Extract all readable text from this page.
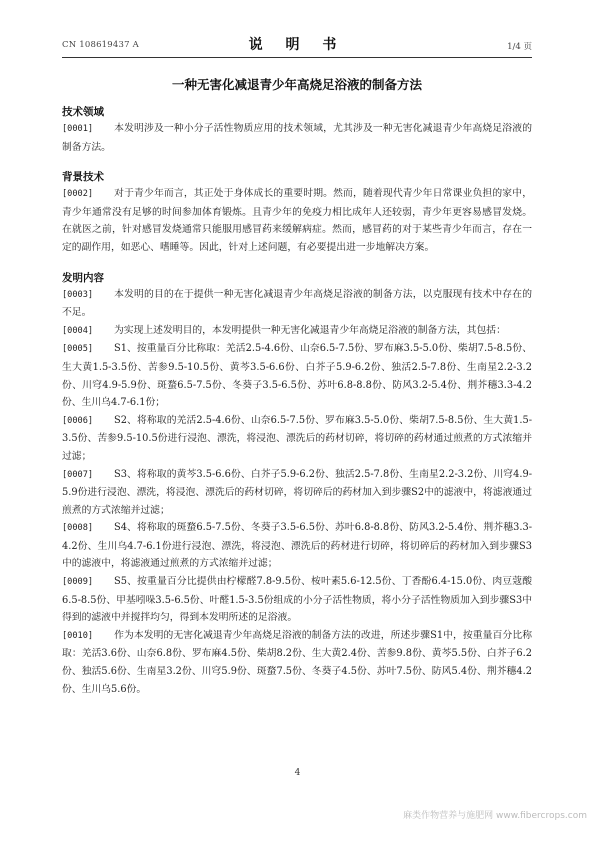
CN 108619437 A	说 明 书	1/4 页
一种无害化减退青少年高烧足浴液的制备方法
技术领域

[0001] 本发明涉及一种小分子活性物质应用的技术领域，尤其涉及一种无害化减退青少年高烧足浴液的制备方法。

背景技术

[0002] 对于青少年而言，其正处于身体成长的重要时期。然而，随着现代青少年日常课业负担的家中，青少年通常没有足够的时间参加体育锻炼。且青少年的免疫力相比成年人还较弱，青少年更容易感冒发烧。在就医之前，针对感冒发烧通常只能服用感冒药来缓解病症。然而，感冒药的对于某些青少年而言，存在一定的副作用，如恶心、嗜睡等。因此，针对上述问题，有必要提出进一步地解决方案。

发明内容

[0003] 本发明的目的在于提供一种无害化减退青少年高烧足浴液的制备方法，以克服现有技术中存在的不足。

[0004] 为实现上述发明目的，本发明提供一种无害化减退青少年高烧足浴液的制备方法，其包括：

[0005] S1、按重量百分比称取：羌活2.5-4.6份、山奈6.5-7.5份、罗布麻3.5-5.0份、柴胡7.5-8.5份、生大黄1.5-3.5份、苦参9.5-10.5份、黄芩3.5-6.6份、白芥子5.9-6.2份、独活2.5-7.8份、生南星2.2-3.2份、川穹4.9-5.9份、斑蝥6.5-7.5份、冬葵子3.5-6.5份、苏叶6.8-8.8份、防风3.2-5.4份、荆芥穗3.3-4.2份、生川乌4.7-6.1份；

[0006] S2、将称取的羌活2.5-4.6份、山奈6.5-7.5份、罗布麻3.5-5.0份、柴胡7.5-8.5份、生大黄1.5-3.5份、苦参9.5-10.5份进行浸泡、漂洗，将浸泡、漂洗后的药材切碎，将切碎的药材通过煎煮的方式浓缩并过滤；

[0007] S3、将称取的黄芩3.5-6.6份、白芥子5.9-6.2份、独活2.5-7.8份、生南星2.2-3.2份、川穹4.9-5.9份进行浸泡、漂洗，将浸泡、漂洗后的药材切碎，将切碎后的药材加入到步骤S2中的滤液中，将滤液通过煎煮的方式浓缩并过滤；

[0008] S4、将称取的斑蝥6.5-7.5份、冬葵子3.5-6.5份、苏叶6.8-8.8份、防风3.2-5.4份、荆芥穗3.3-4.2份、生川乌4.7-6.1份进行浸泡、漂洗，将浸泡、漂洗后的药材进行切碎，将切碎后的药材加入到步骤S3中的滤液中，将滤液通过煎煮的方式浓缩并过滤；

[0009] S5、按重量百分比提供由柠檬醛7.8-9.5份、桉叶素5.6-12.5份、丁香酚6.4-15.0份、肉豆蔻酸6.5-8.5份、甲基吲哚3.5-6.5份、叶醛1.5-3.5份组成的小分子活性物质，将小分子活性物质加入到步骤S3中得到的滤液中并搅拌均匀，得到本发明所述的足浴液。

[0010] 作为本发明的无害化减退青少年高烧足浴液的制备方法的改进，所述步骤S1中，按重量百分比称取：羌活3.6份、山奈6.8份、罗布麻4.5份、柴胡8.2份、生大黄2.4份、苦参9.8份、黄芩5.5份、白芥子6.2份、独活5.6份、生南星3.2份、川穹5.9份、斑蝥7.5份、冬葵子4.5份、苏叶7.5份、防风5.4份、荆芥穗4.2份、生川乌5.6份。

4
麻类作物营养与施肥网 www.fibercrops.com
